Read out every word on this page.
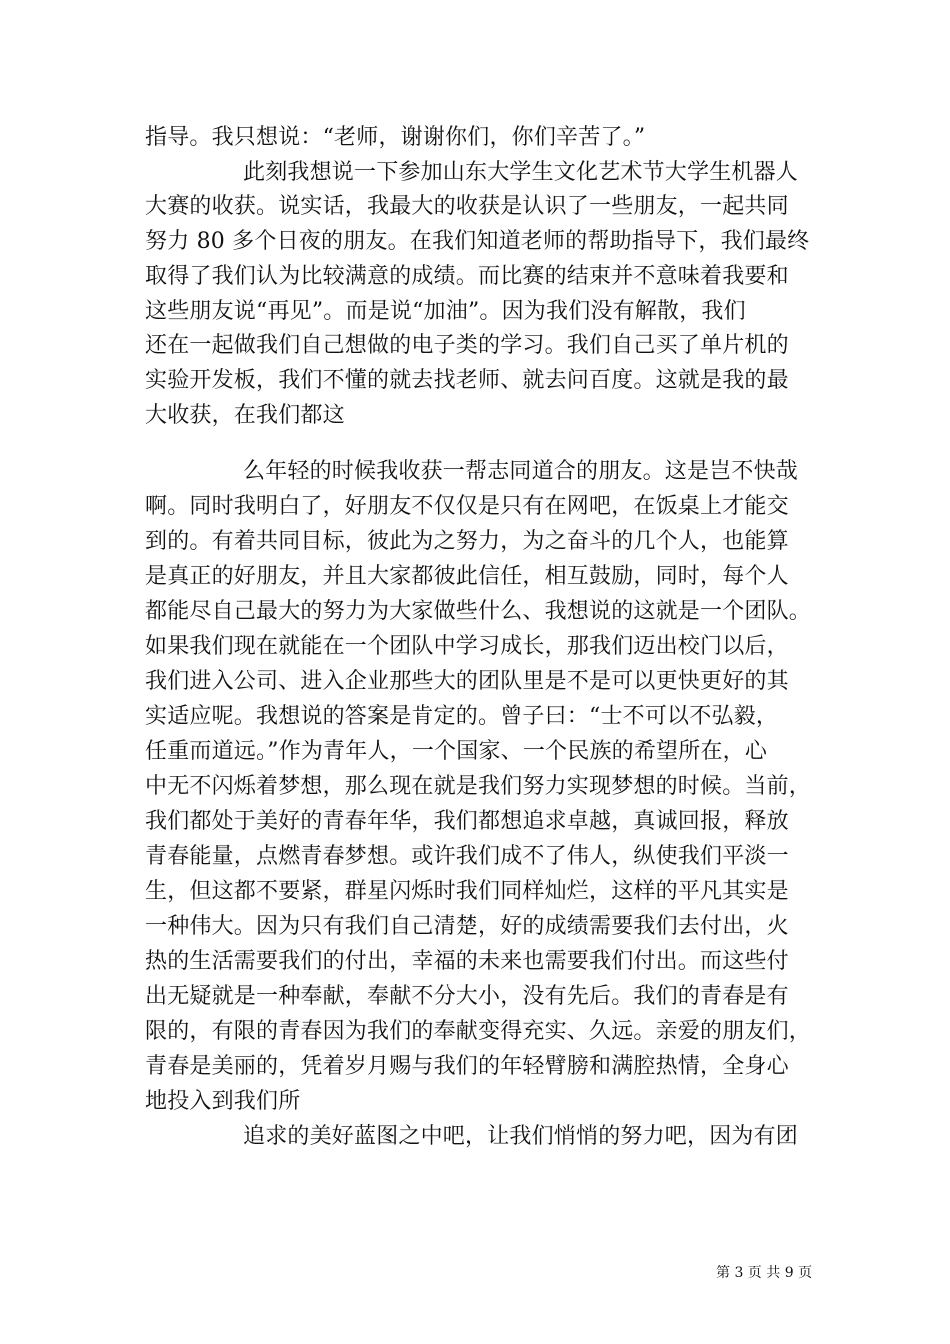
指导。我只想说：“老师，谢谢你们，你们辛苦了。”
此刻我想说一下参加山东大学生文化艺术节大学生机器人
大赛的收获。说实话，我最大的收获是认识了一些朋友，一起共同
努力 80 多个日夜的朋友。在我们知道老师的帮助指导下，我们最终
取得了我们认为比较满意的成绩。而比赛的结束并不意味着我要和
这些朋友说“再见”。而是说“加油”。因为我们没有解散，我们
还在一起做我们自己想做的电子类的学习。我们自己买了单片机的
实验开发板，我们不懂的就去找老师、就去问百度。这就是我的最
大收获，在我们都这
么年轻的时候我收获一帮志同道合的朋友。这是岂不快哉
啊。同时我明白了，好朋友不仅仅是只有在网吧，在饭桌上才能交
到的。有着共同目标，彼此为之努力，为之奋斗的几个人，也能算
是真正的好朋友，并且大家都彼此信任，相互鼓励，同时，每个人
都能尽自己最大的努力为大家做些什么、我想说的这就是一个团队。
如果我们现在就能在一个团队中学习成长，那我们迈出校门以后，
我们进入公司、进入企业那些大的团队里是不是可以更快更好的其
实适应呢。我想说的答案是肯定的。曾子曰：“士不可以不弘毅，
任重而道远。”作为青年人，一个国家、一个民族的希望所在，心
中无不闪烁着梦想，那么现在就是我们努力实现梦想的时候。当前，
我们都处于美好的青春年华，我们都想追求卓越，真诚回报，释放
青春能量，点燃青春梦想。或许我们成不了伟人，纵使我们平淡一
生，但这都不要紧，群星闪烁时我们同样灿烂，这样的平凡其实是
一种伟大。因为只有我们自己清楚，好的成绩需要我们去付出，火
热的生活需要我们的付出，幸福的未来也需要我们付出。而这些付
出无疑就是一种奉献，奉献不分大小，没有先后。我们的青春是有
限的，有限的青春因为我们的奉献变得充实、久远。亲爱的朋友们，
青春是美丽的，凭着岁月赐与我们的年轻臂膀和满腔热情，全身心
地投入到我们所
追求的美好蓝图之中吧，让我们悄悄的努力吧，因为有团
第 3 页 共 9 页
